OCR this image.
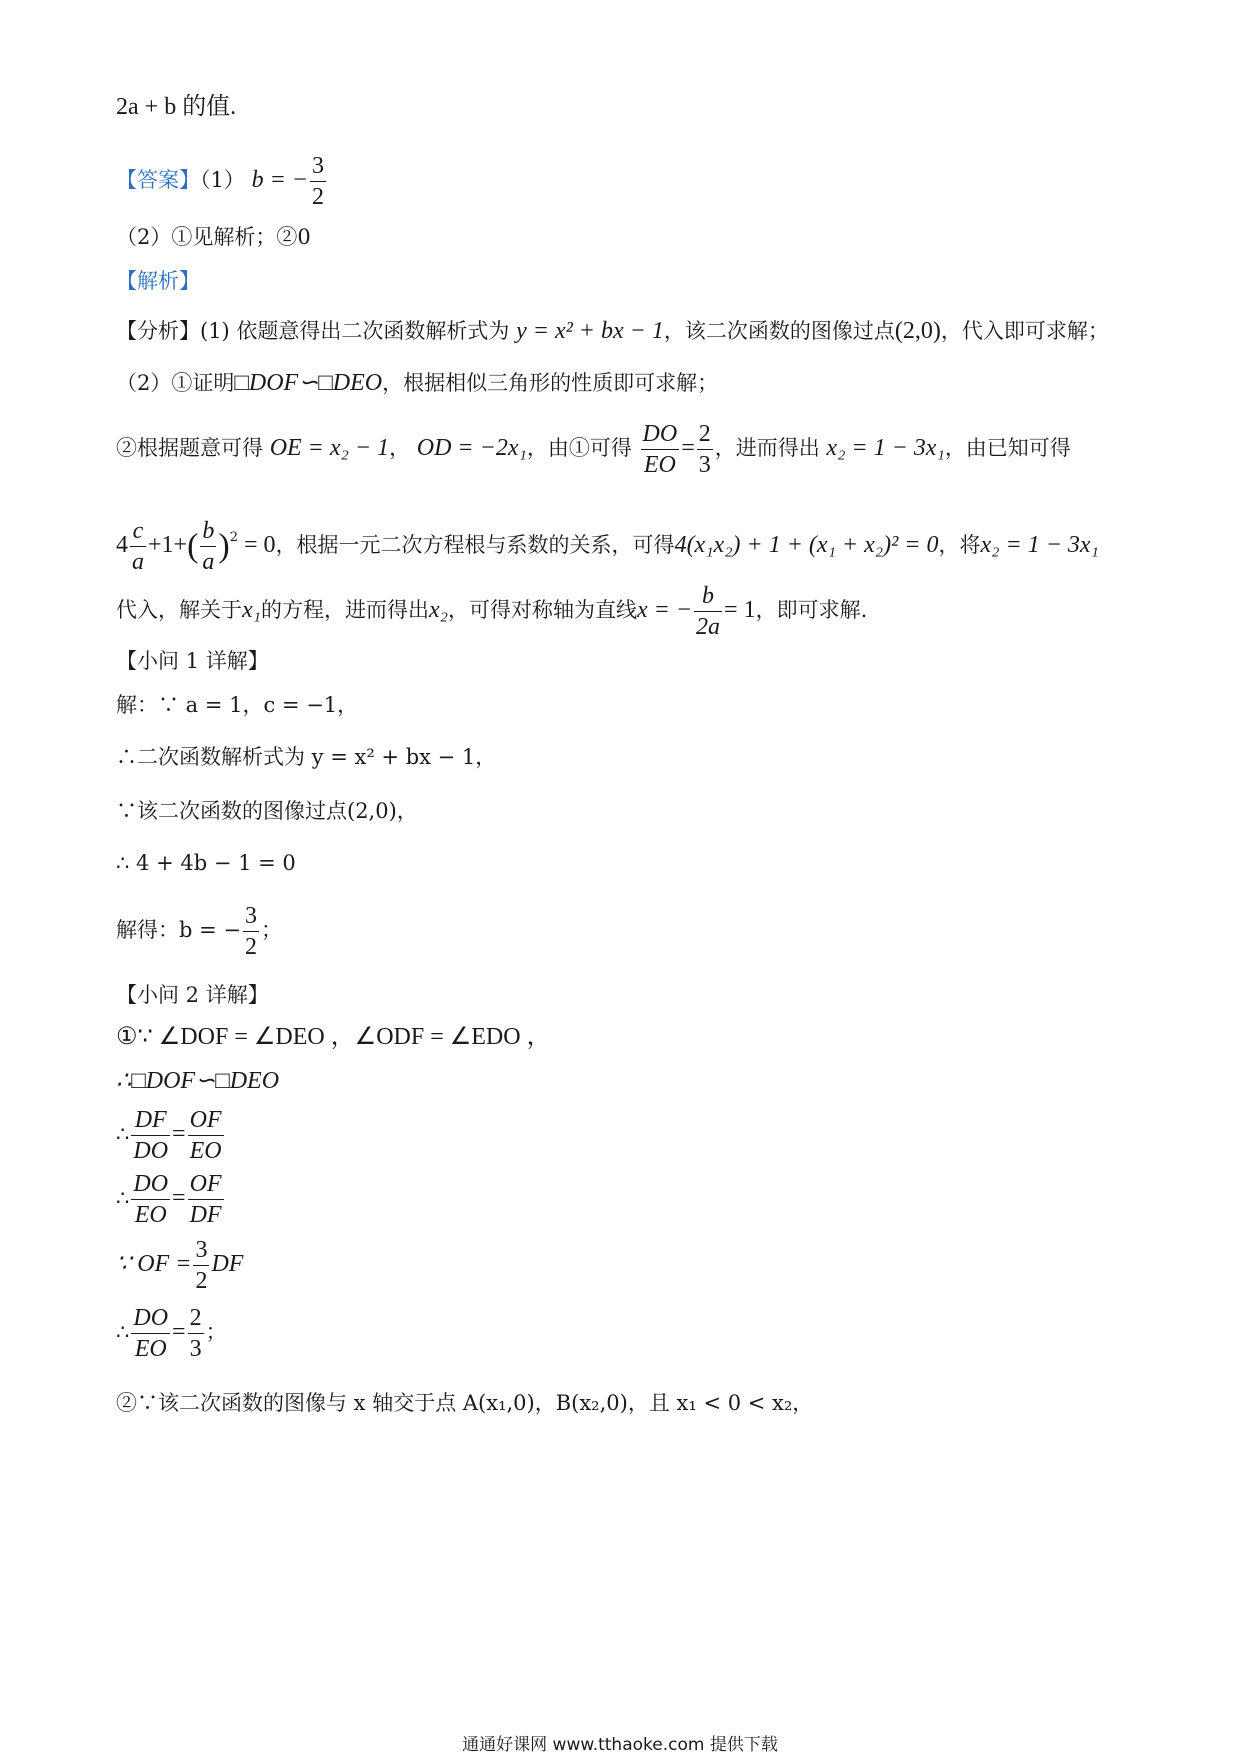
2a + b 的值.
【答案】（1） b = − $\frac{3}{2}$
（2）①见解析；②0
【解析】
【分析】(1) 依题意得出二次函数解析式为 y = x² + bx − 1，该二次函数的图像过点(2,0)，代入即可求解；
（2）①证明□DOF∽□DEO，根据相似三角形的性质即可求解；
②根据题意可得 OE = x₂ − 1， OD = −2x₁，由①可得 $\frac{DO}{EO} = \frac{2}{3}$ ，进而得出 x₂ = 1 − 3x₁，由已知可得
$4 \frac{c}{a} +1+( \frac{b}{a} )^2 = 0$，根据一元二次方程根与系数的关系，可得4(x₁x₂) + 1 + (x₁ + x₂)² = 0，将x₂ = 1 − 3x₁
代入，解关于x₁的方程，进而得出x₂，可得对称轴为直线x = − $\frac{b}{2a} = 1$，即可求解.
【小问 1 详解】
解：∵ a = 1，c = −1，
∴二次函数解析式为 y = x² + bx − 1，
∵该二次函数的图像过点(2,0)，
∴ 4 + 4b − 1 = 0
解得：b = − $\frac{3}{2}$ ；
【小问 2 详解】
①∵ ∠DOF = ∠DEO ，∠ODF = ∠EDO ，
∴□DOF∽□DEO
∴ $\frac{DF}{DO} = \frac{OF}{EO}$
∴ $\frac{DO}{EO} = \frac{OF}{DF}$
∵ OF = $\frac{3}{2}$ DF
∴ $\frac{DO}{EO} = \frac{2}{3}$ ；
②∵该二次函数的图像与 x 轴交于点 A(x₁,0)，B(x₂,0)，且 x₁ < 0 < x₂，
通通好课网 www.tthaoke.com 提供下载
